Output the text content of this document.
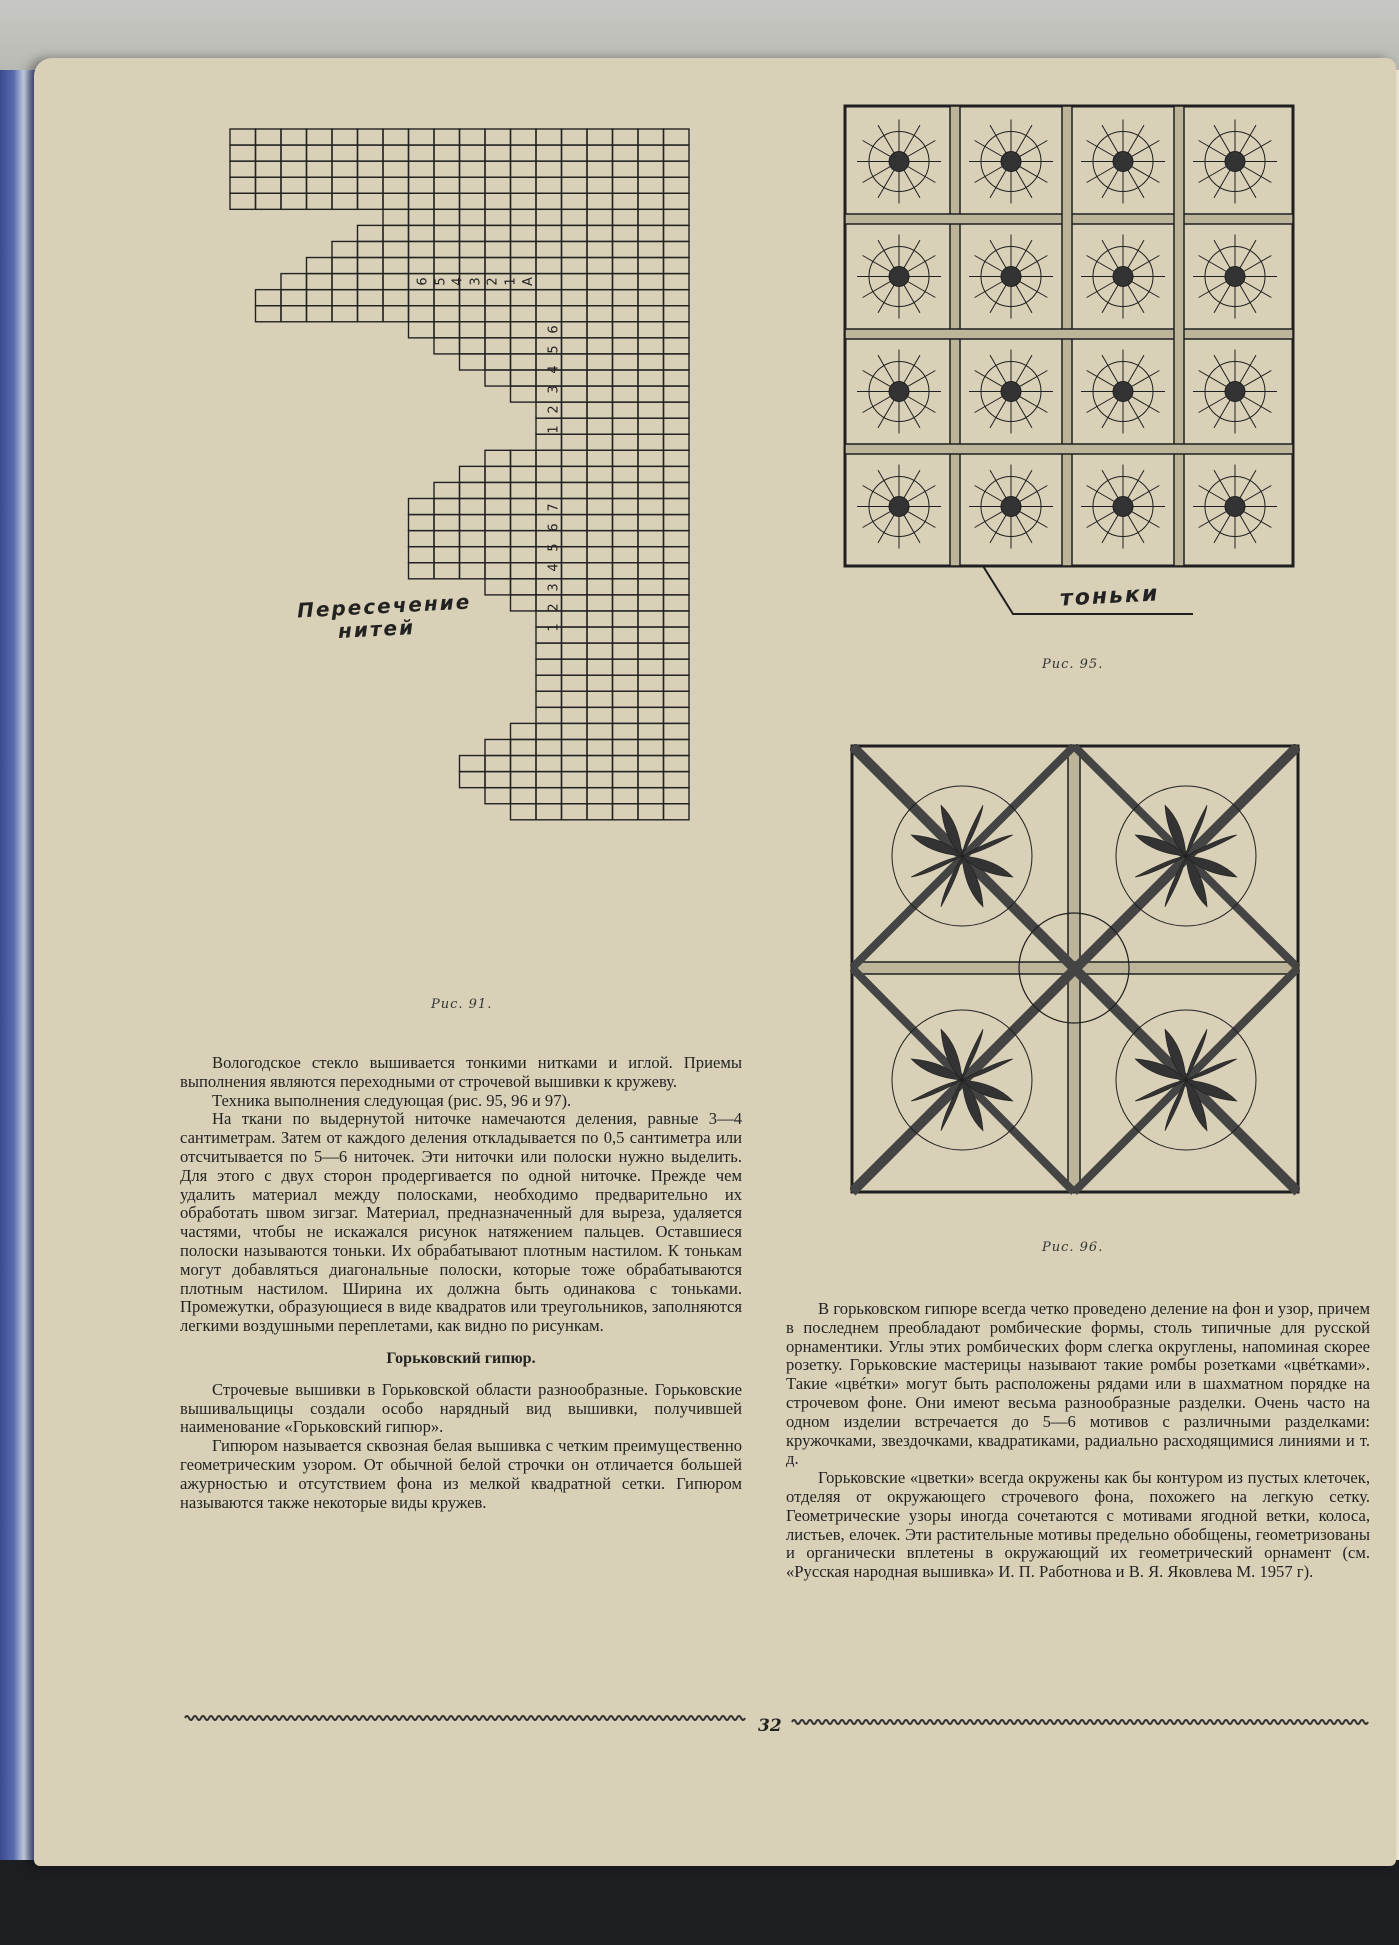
Пересечение
нитей
6 5 4 3 2 1 А
6
5
4
3
2
1
7
6
5
4
3
2
1
Рис. 91.
тоньки
Рис. 95.
Рис. 96.

Вологодское стекло вышивается тонкими нитками и иглой. Приемы выполнения являются переходными от строчевой вышивки к кружеву.

Техника выполнения следующая (рис. 95, 96 и 97).

На ткани по выдернутой ниточке намечаются деления, равные 3—4 сантиметрам. Затем от каждого деления откладывается по 0,5 сантиметра или отсчитывается по 5—6 ниточек. Эти ниточки или полоски нужно выделить. Для этого с двух сторон продергивается по одной ниточке. Прежде чем удалить материал между полосками, необходимо предварительно их обработать швом зигзаг. Материал, предназначенный для выреза, удаляется частями, чтобы не искажался рисунок натяжением пальцев. Оставшиеся полоски называются тоньки. Их обрабатывают плотным настилом. К тонькам могут добавляться диагональные полоски, которые тоже обрабатываются плотным настилом. Ширина их должна быть одинакова с тоньками. Промежутки, образующиеся в виде квадратов или треугольников, заполняются легкими воздушными переплетами, как видно по рисункам.

Горьковский гипюр.

Строчевые вышивки в Горьковской области разнообразные. Горьковские вышивальщицы создали особо нарядный вид вышивки, получившей наименование «Горьковский гипюр».

Гипюром называется сквозная белая вышивка с четким преимущественно геометрическим узором. От обычной белой строчки он отличается большей ажурностью и отсутствием фона из мелкой квадратной сетки. Гипюром называются также некоторые виды кружев.

В горьковском гипюре всегда четко проведено деление на фон и узор, причем в последнем преобладают ромбические формы, столь типичные для русской орнаментики. Углы этих ромбических форм слегка округлены, напоминая скорее розетку. Горьковские мастерицы называют такие ромбы розетками «цвéтками». Такие «цвéтки» могут быть расположены рядами или в шахматном порядке на строчевом фоне. Они имеют весьма разнообразные разделки. Очень часто на одном изделии встречается до 5—6 мотивов с различными разделками: кружочками, звездочками, квадратиками, радиально расходящимися линиями и т. д.

Горьковские «цветки» всегда окружены как бы контуром из пустых клеточек, отделяя от окружающего строчевого фона, похожего на легкую сетку. Геометрические узоры иногда сочетаются с мотивами ягодной ветки, колоса, листьев, елочек. Эти растительные мотивы предельно обобщены, геометризованы и органически вплетены в окружающий их геометрический орнамент (см. «Русская народная вышивка» И. П. Работнова и В. Я. Яковлева М. 1957 г).

32
